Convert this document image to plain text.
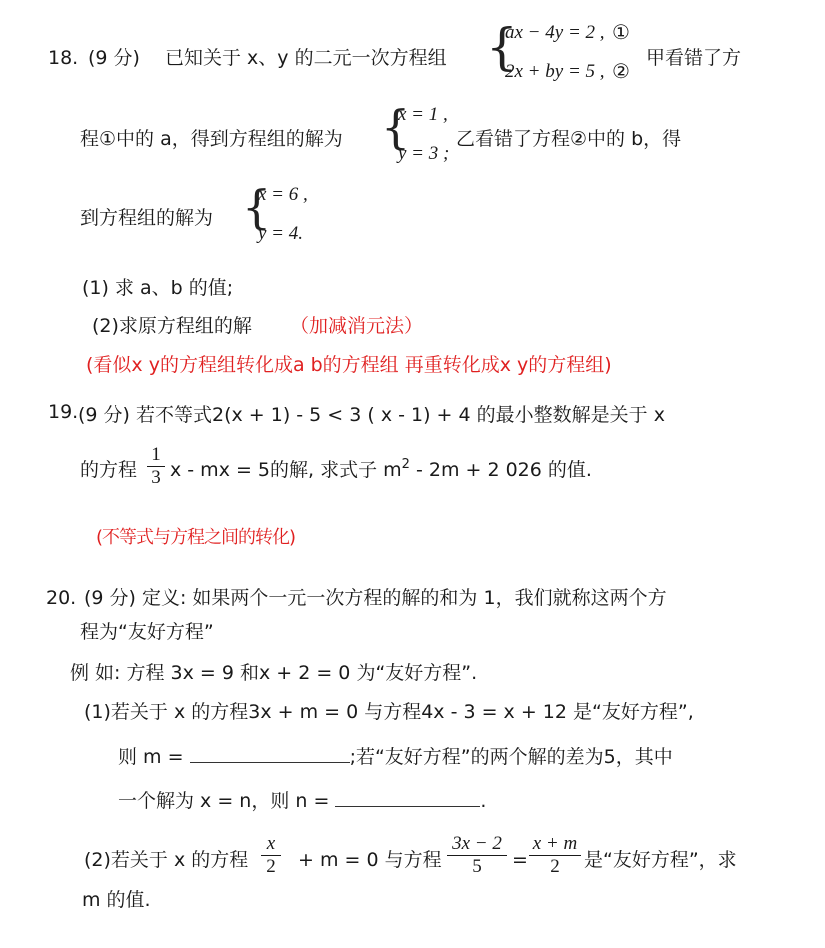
18. (9 分) 已知关于 x、y 的二元一次方程组 {
ax − 4y = 2 , ①
2x + by = 5 , ②
甲看错了方
程①中的 a，得到方程组的解为 {
x = 1 ,
y = 3 ;
乙看错了方程②中的 b，得
到方程组的解为 {
x = 6 ,
y = 4.
(1) 求 a、b 的值;
(2)求原方程组的解 （加减消元法）
(看似x y的方程组转化成a b的方程组 再重转化成x y的方程组)
19. (9 分) 若不等式2(x + 1) - 5 < 3 ( x - 1) + 4 的最小整数解是关于 x
的方程
1
3 x - mx = 5的解, 求式子 $m^2 - 2m + 2$ 026 的值.
(不等式与方程之间的转化)
20. (9 分) 定义: 如果两个一元一次方程的解的和为 1，我们就称这两个方
程为“友好方程”
例 如: 方程 3x = 9 和x + 2 = 0 为“友好方程”.
(1)若关于 x 的方程3x + m = 0 与方程4x - 3 = x + 12 是“友好方程”,
则 m =	;若“友好方程”的两个解的差为5，其中
一个解为 x = n，则 n =	.
(2)若关于 x 的方程
x
2	+ m = 0 与方程
3x − 2
5	=
x + m
2	是“友好方程”，求
m 的值.
